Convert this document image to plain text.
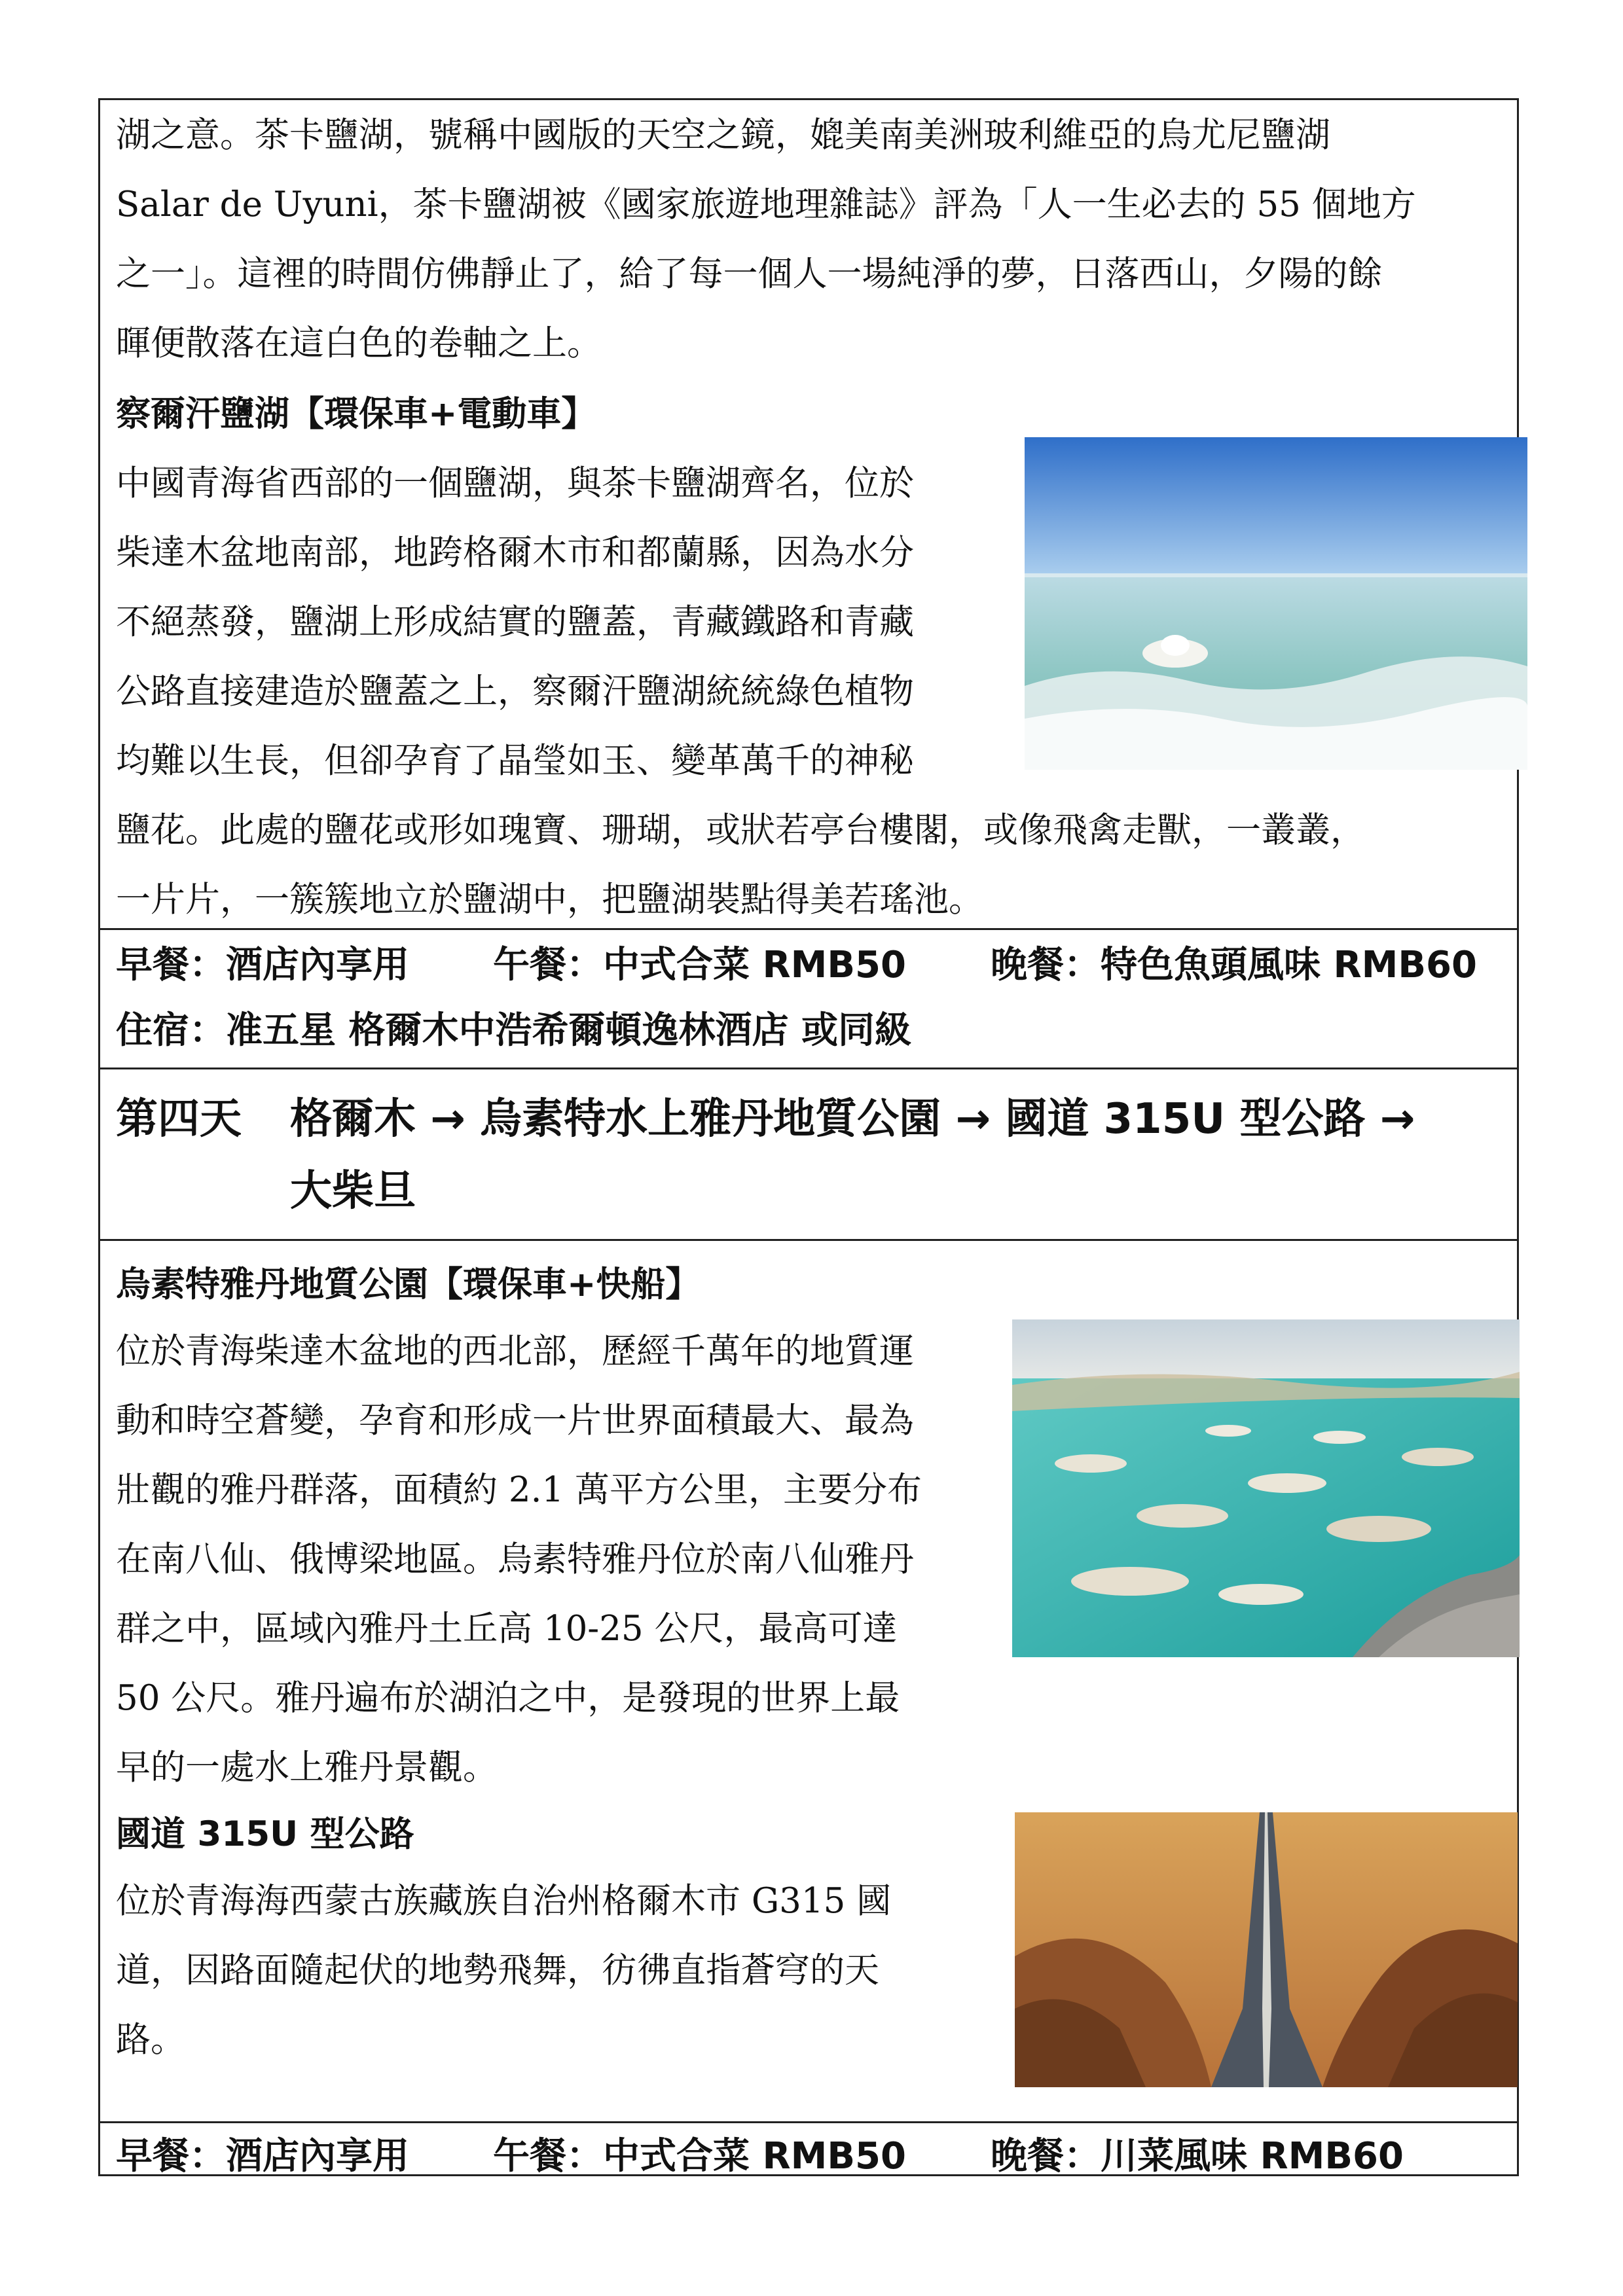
湖之意。茶卡鹽湖，號稱中國版的天空之鏡，媲美南美洲玻利維亞的烏尤尼鹽湖
Salar de Uyuni，茶卡鹽湖被《國家旅遊地理雜誌》評為「人一生必去的 55 個地方
之一」。這裡的時間仿佛靜止了，給了每一個人一場純淨的夢，日落西山，夕陽的餘
暉便散落在這白色的卷軸之上。
察爾汗鹽湖【環保車+電動車】
中國青海省西部的一個鹽湖，與茶卡鹽湖齊名，位於
柴達木盆地南部，地跨格爾木市和都蘭縣，因為水分
不絕蒸發，鹽湖上形成結實的鹽蓋，青藏鐵路和青藏
公路直接建造於鹽蓋之上，察爾汗鹽湖統統綠色植物
均難以生長，但卻孕育了晶瑩如玉、變革萬千的神秘
鹽花。此處的鹽花或形如瑰寶、珊瑚，或狀若亭台樓閣，或像飛禽走獸，一叢叢，
一片片，一簇簇地立於鹽湖中，把鹽湖裝點得美若瑤池。
早餐：酒店內享用 午餐：中式合菜 RMB50 晚餐：特色魚頭風味 RMB60
住宿：准五星 格爾木中浩希爾頓逸林酒店 或同級
第四天 格爾木 → 烏素特水上雅丹地質公園 → 國道 315U 型公路 →
大柴旦
烏素特雅丹地質公園【環保車+快船】
位於青海柴達木盆地的西北部，歷經千萬年的地質運
動和時空蒼變，孕育和形成一片世界面積最大、最為
壯觀的雅丹群落，面積約 2.1 萬平方公里，主要分布
在南八仙、俄博梁地區。烏素特雅丹位於南八仙雅丹
群之中，區域內雅丹土丘高 10-25 公尺，最高可達
50 公尺。雅丹遍布於湖泊之中，是發現的世界上最
早的一處水上雅丹景觀。
國道 315U 型公路
位於青海海西蒙古族藏族自治州格爾木市 G315 國
道，因路面隨起伏的地勢飛舞，彷彿直指蒼穹的天
路。
早餐：酒店內享用 午餐：中式合菜 RMB50 晚餐：川菜風味 RMB60
